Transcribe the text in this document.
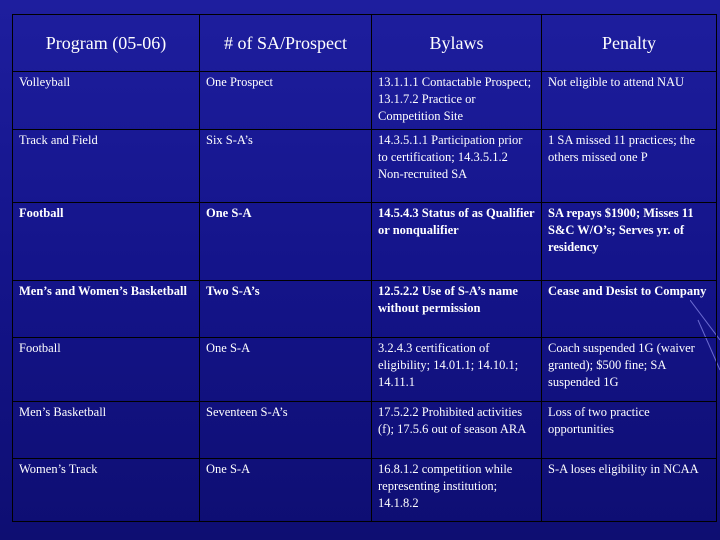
Program (05-06)	# of SA/Prospect	Bylaws	Penalty
Volleyball	One Prospect	13.1.1.1 Contactable Prospect; 13.1.7.2 Practice or Competition Site	Not eligible to attend NAU
Track and Field	Six S-A’s	14.3.5.1.1 Participation prior to certification; 14.3.5.1.2 Non-recruited SA	1 SA missed 11 practices; the others missed one P
Football	One S-A	14.5.4.3 Status of as Qualifier or nonqualifier	SA repays $1900; Misses 11 S&C W/O’s; Serves yr. of residency
Men’s and Women’s Basketball	Two S-A’s	12.5.2.2 Use of S-A’s name without permission	Cease and Desist to Company
Football	One S-A	3.2.4.3 certification of eligibility; 14.01.1; 14.10.1; 14.11.1	Coach suspended 1G (waiver granted); $500 fine; SA suspended 1G
Men’s Basketball	Seventeen S-A’s	17.5.2.2 Prohibited activities (f); 17.5.6 out of season ARA	Loss of two practice opportunities
Women’s Track	One S-A	16.8.1.2 competition while representing institution; 14.1.8.2	S-A loses eligibility in NCAA
